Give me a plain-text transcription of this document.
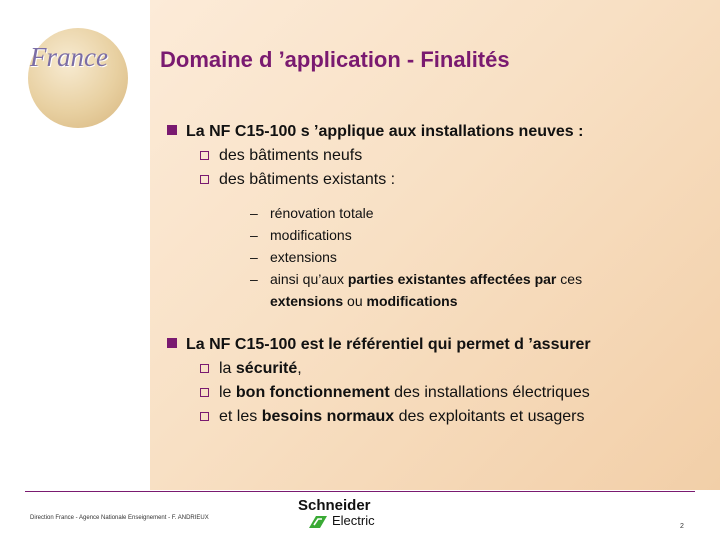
France Domaine d ’application - Finalités
La NF C15-100 s ’applique aux installations neuves :
des bâtiments neufs
des bâtiments existants :
– rénovation totale
– modifications
– extensions
– ainsi qu’aux parties existantes affectées par ces
extensions ou modifications
La NF C15-100 est le référentiel qui permet d ’assurer
la sécurité,
le bon fonctionnement des installations électriques
et les besoins normaux des exploitants et usagers
Schneider
Electric
Direction France - Agence Nationale Enseignement - F. ANDRIEUX
2
